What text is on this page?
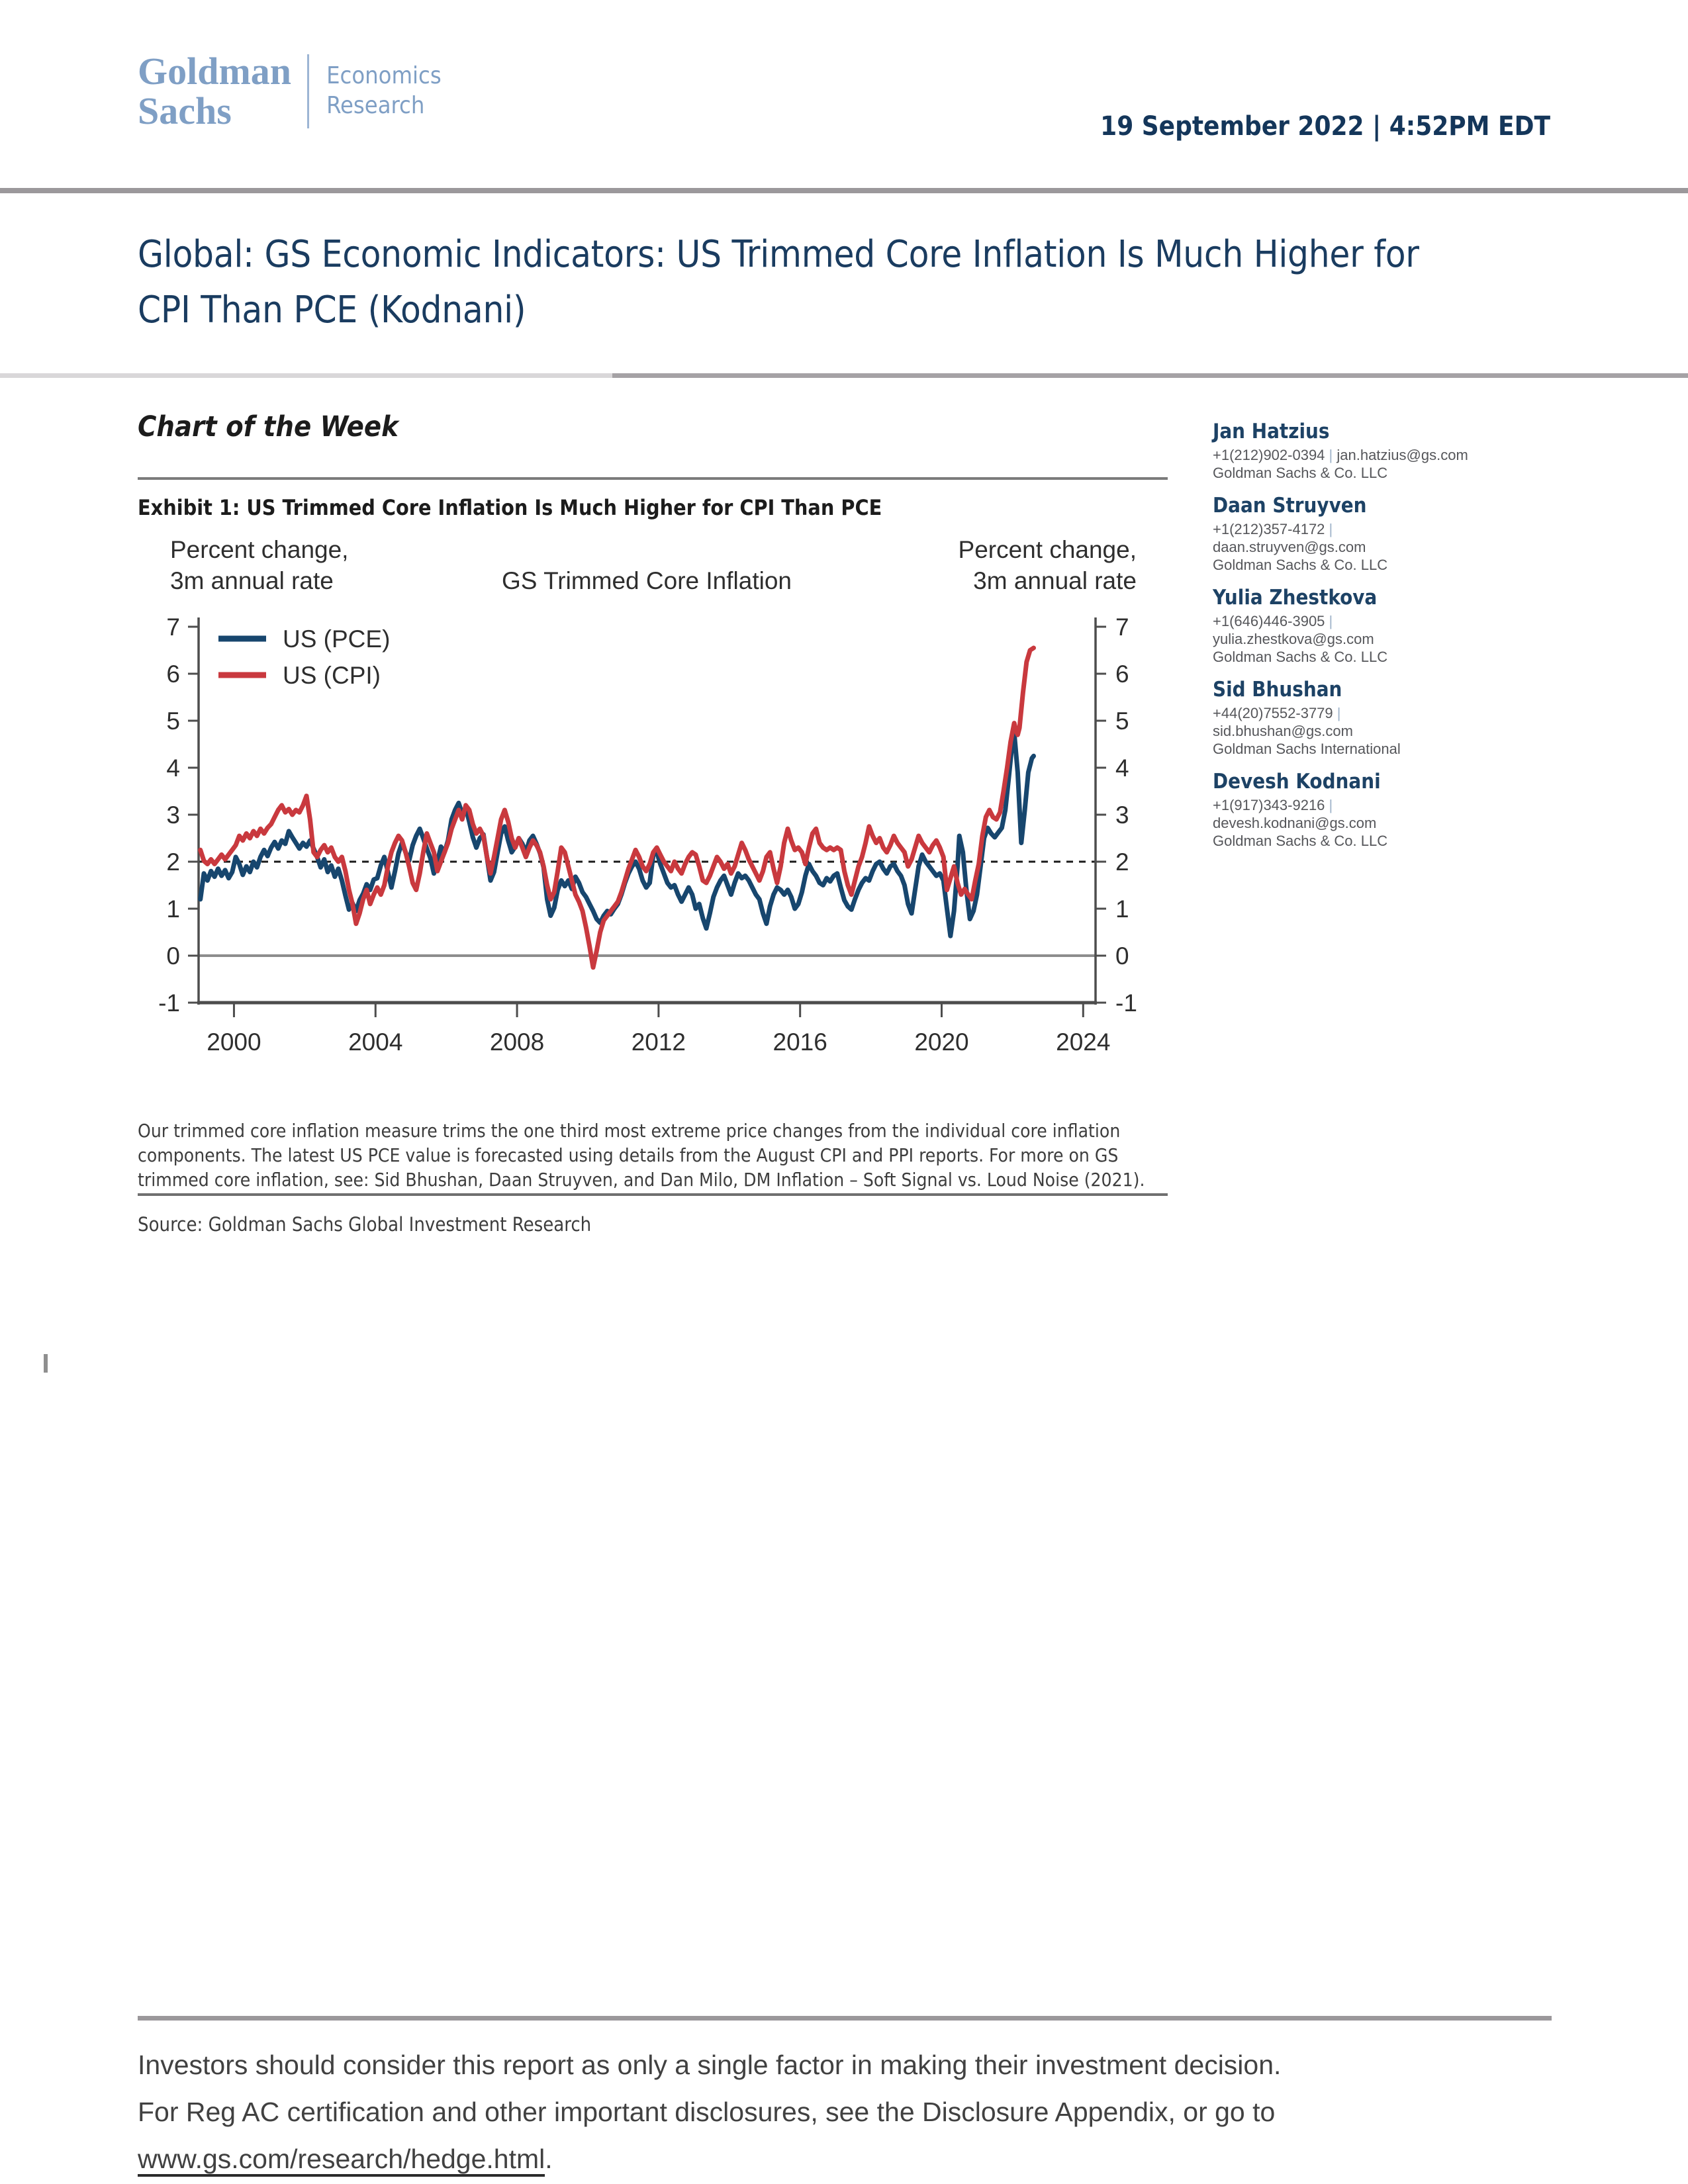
Goldman
Sachs
Economics
Research
19 September 2022 | 4:52PM EDT
Global: GS Economic Indicators: US Trimmed Core Inflation Is Much Higher for CPI Than PCE (Kodnani)
Chart of the Week
Exhibit 1: US Trimmed Core Inflation Is Much Higher for CPI Than PCE
Percent change,
3m annual rate	GS Trimmed Core Inflation
Percent change,
3m annual rate
-1	-1
0	0
1	1
2	2
3	3
4	4
5	5
6	6
7	7
2000	2004	2008	2012	2016	2020	2024
US (PCE)
US (CPI)
Our trimmed core inflation measure trims the one third most extreme price changes from the individual core inflation components. The latest US PCE value is forecasted using details from the August CPI and PPI reports. For more on GS trimmed core inflation, see: Sid Bhushan, Daan Struyven, and Dan Milo, DM Inflation – Soft Signal vs. Loud Noise (2021).
Source: Goldman Sachs Global Investment Research
Jan Hatzius
+1(212)902-0394 | jan.hatzius@gs.com
Goldman Sachs & Co. LLC
Daan Struyven
+1(212)357-4172 |
daan.struyven@gs.com
Goldman Sachs & Co. LLC
Yulia Zhestkova
+1(646)446-3905 |
yulia.zhestkova@gs.com
Goldman Sachs & Co. LLC
Sid Bhushan
+44(20)7552-3779 |
sid.bhushan@gs.com
Goldman Sachs International
Devesh Kodnani
+1(917)343-9216 |
devesh.kodnani@gs.com
Goldman Sachs & Co. LLC
Investors should consider this report as only a single factor in making their investment decision. For Reg AC certification and other important disclosures, see the Disclosure Appendix, or go to www.gs.com/research/hedge.html.
